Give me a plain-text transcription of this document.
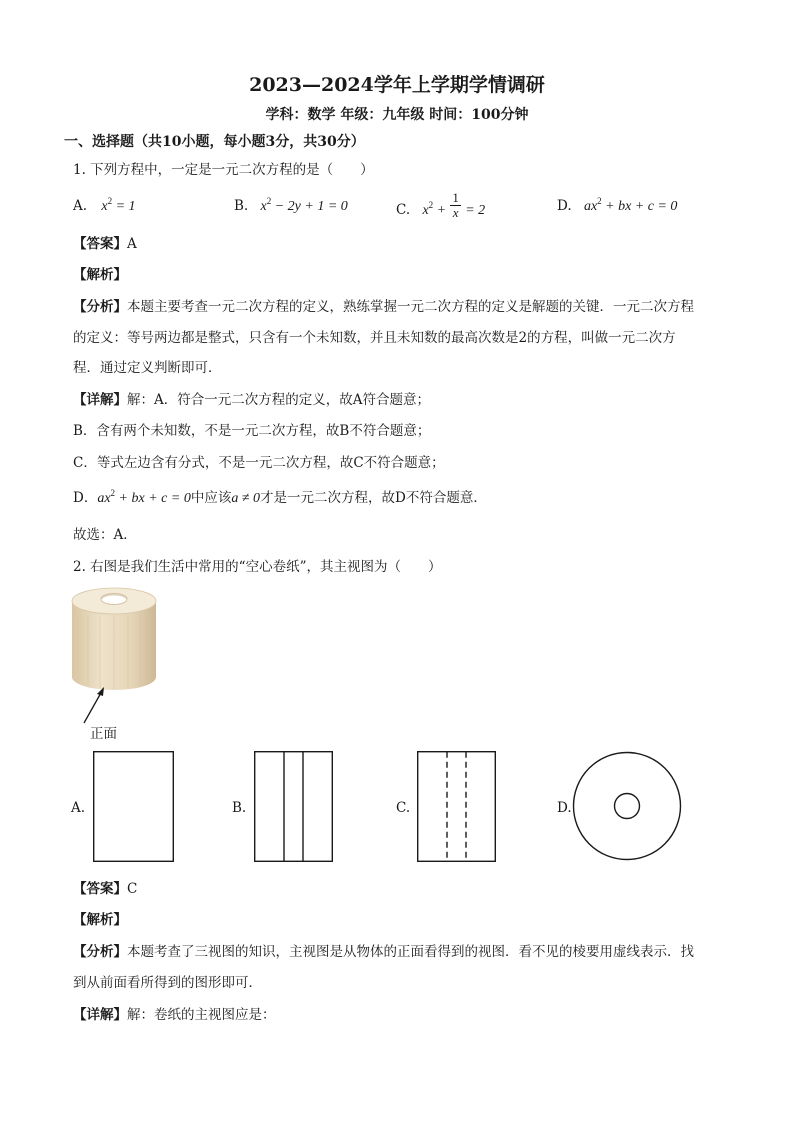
2023—2024学年上学期学情调研
学科：数学 年级：九年级 时间：100分钟
一、选择题（共10小题，每小题3分，共30分）
1. 下列方程中，一定是一元二次方程的是（　　）
A. $x^2 = 1$	B. $x^2 - 2y + 1 = 0$	C. $x^2 + \frac{1}{x} = 2$	D. $ax^2$ + bx + c = 0
【答案】A
【解析】
【分析】本题主要考查一元二次方程的定义，熟练掌握一元二次方程的定义是解题的关键．一元二次方程
的定义：等号两边都是整式，只含有一个未知数，并且未知数的最高次数是2的方程，叫做一元二次方
程．通过定义判断即可．
【详解】解：A．符合一元二次方程的定义，故A符合题意；
B．含有两个未知数，不是一元二次方程，故B不符合题意；
C．等式左边含有分式，不是一元二次方程，故C不符合题意；
D．$ax^2$ + bx + c = 0中应该a ≠ 0才是一元二次方程，故D不符合题意．
故选：A．
2. 右图是我们生活中常用的“空心卷纸”，其主视图为（　　）
正面
A.	B.	C.	D.
【答案】C
【解析】
【分析】本题考查了三视图的知识，主视图是从物体的正面看得到的视图．看不见的棱要用虚线表示．找
到从前面看所得到的图形即可．
【详解】解：卷纸的主视图应是：
